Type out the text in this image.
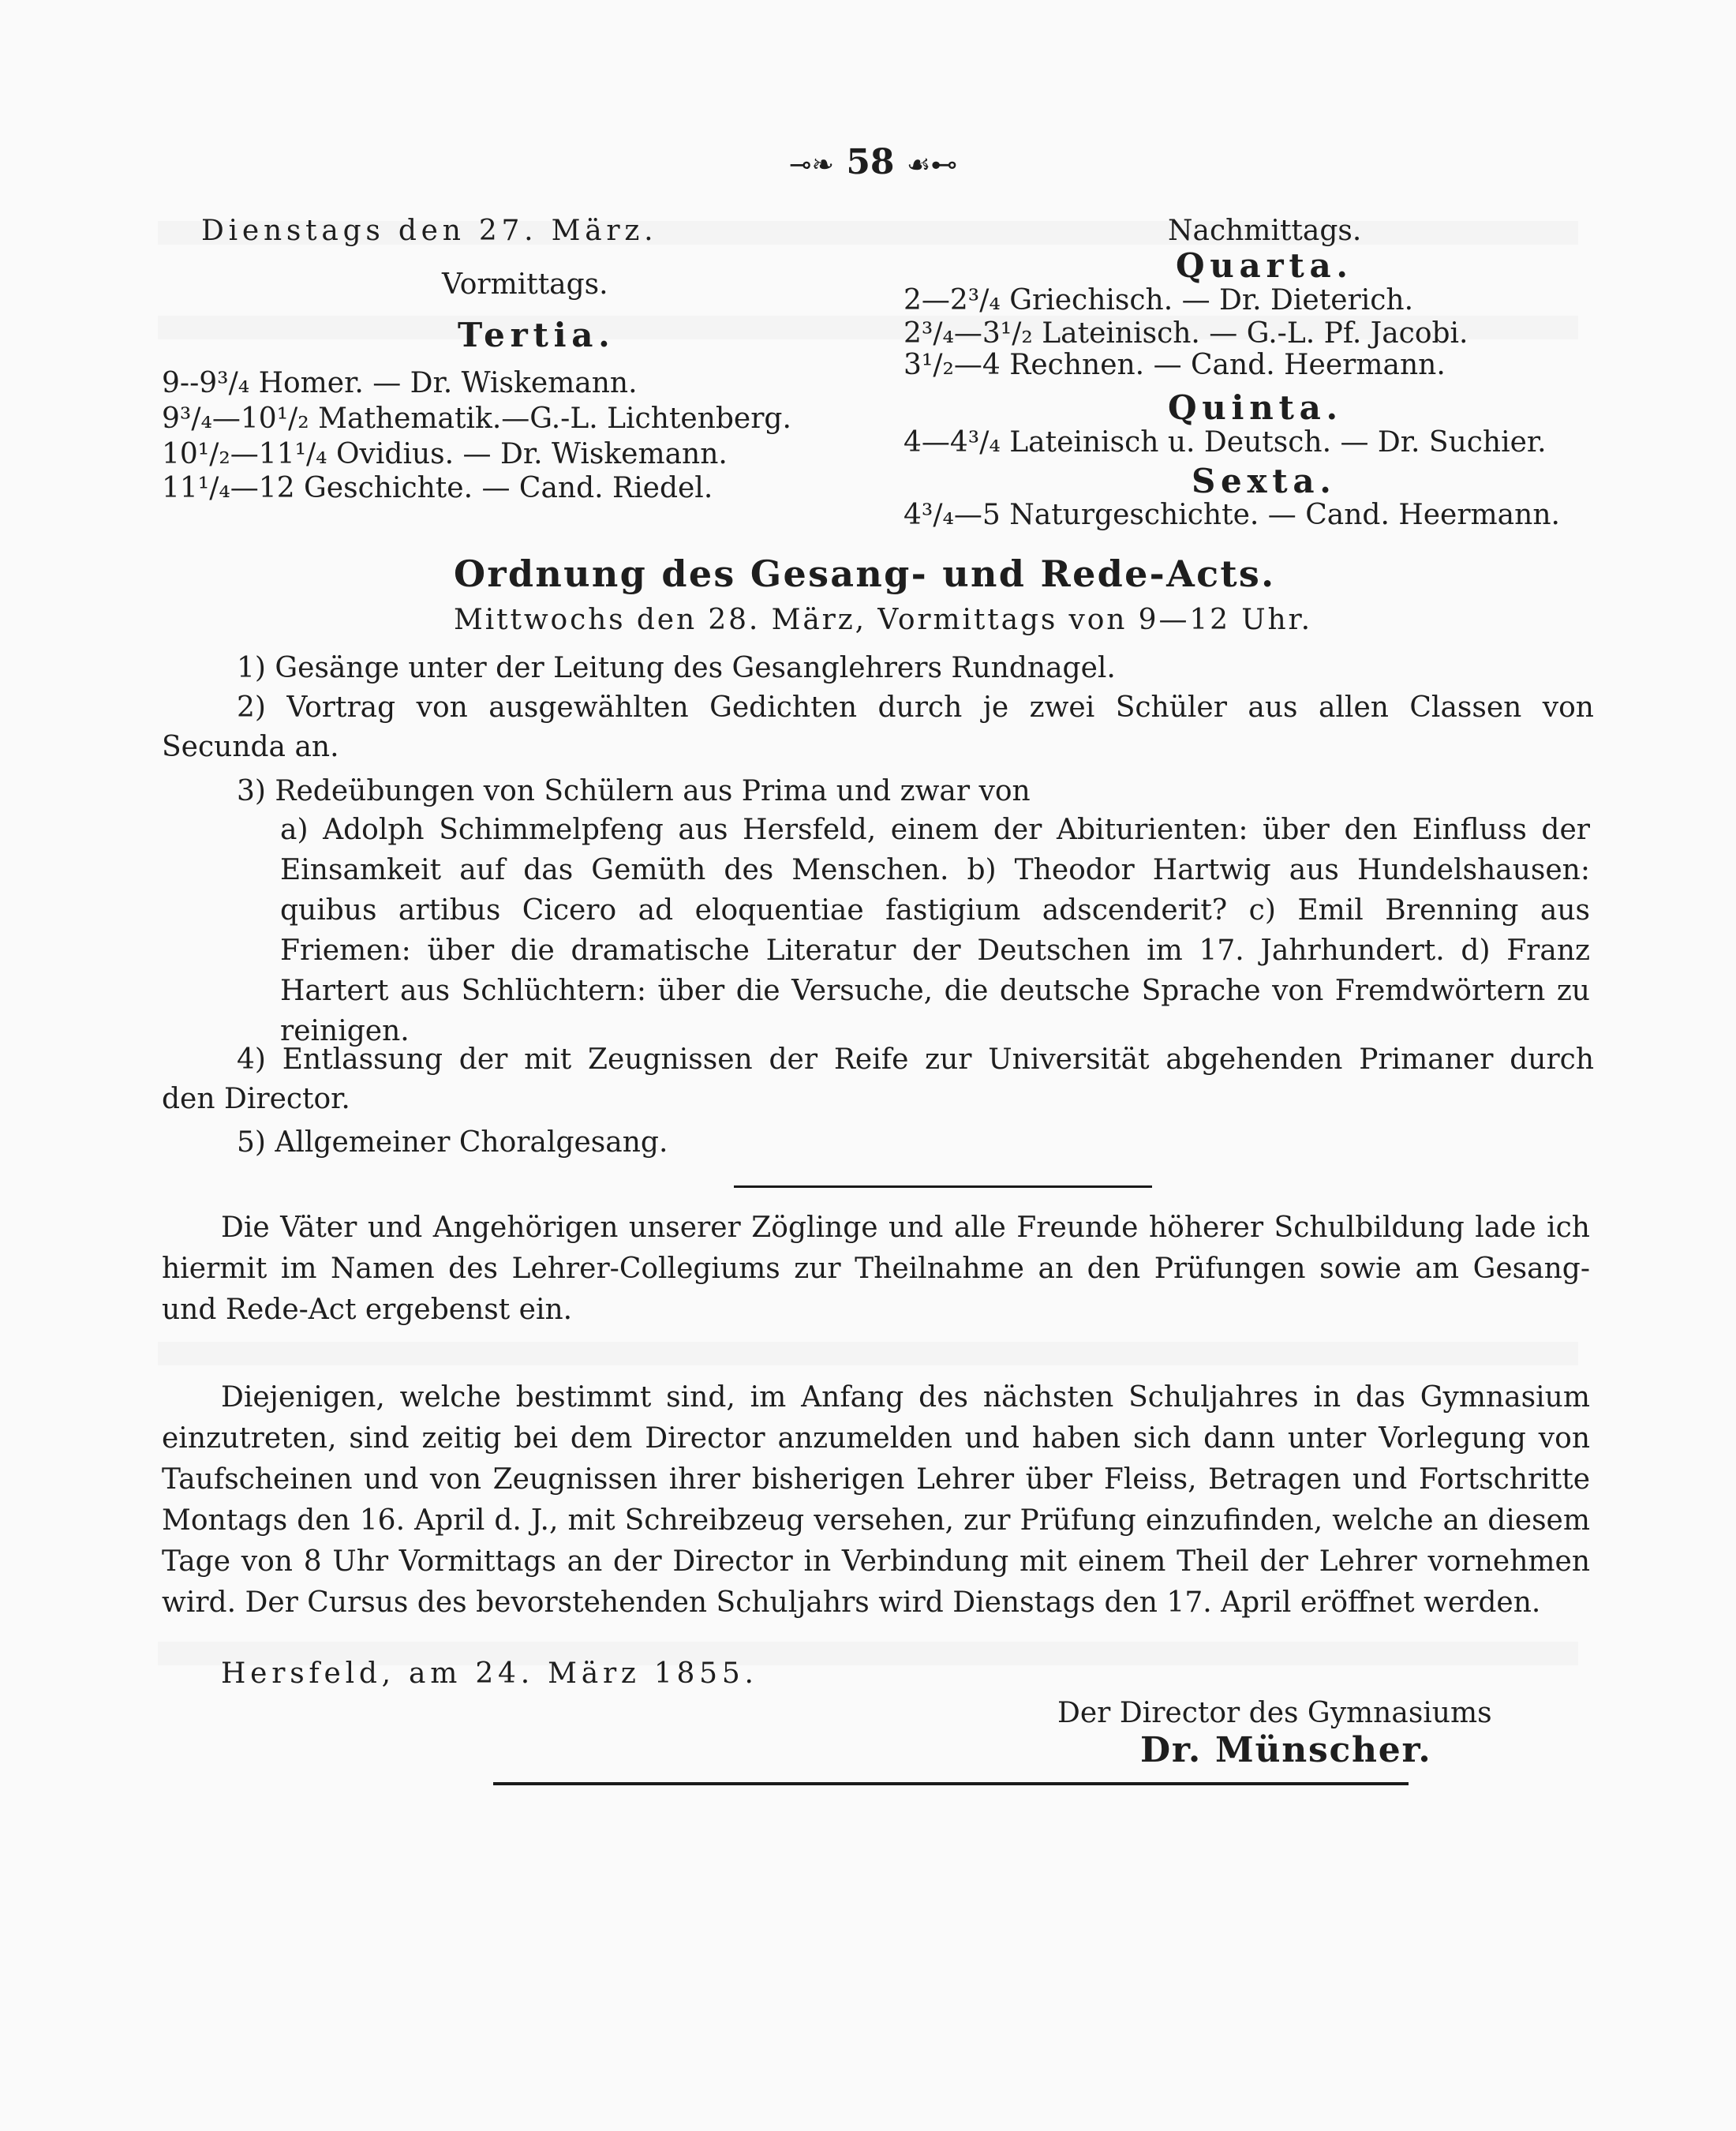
⊸❧ 58 ☙⊷
Dienstags den 27. März.	Nachmittags.
Vormittags.
Tertia.
9--9³/₄ Homer. — Dr. Wiskemann.
9³/₄—10¹/₂ Mathematik.—G.-L. Lichtenberg.
10¹/₂—11¹/₄ Ovidius. — Dr. Wiskemann.
11¹/₄—12 Geschichte. — Cand. Riedel.
Quarta.
2—2³/₄ Griechisch. — Dr. Dieterich.
2³/₄—3¹/₂ Lateinisch. — G.-L. Pf. Jacobi.
3¹/₂—4 Rechnen. — Cand. Heermann.
Quinta.
4—4³/₄ Lateinisch u. Deutsch. — Dr. Suchier.
Sexta.
4³/₄—5 Naturgeschichte. — Cand. Heermann.
Ordnung des Gesang- und Rede-Acts.
Mittwochs den 28. März, Vormittags von 9—12 Uhr.
1) Gesänge unter der Leitung des Gesanglehrers Rundnagel.
2) Vortrag von ausgewählten Gedichten durch je zwei Schüler aus allen Classen von
Secunda an.
3) Redeübungen von Schülern aus Prima und zwar von
a) Adolph Schimmelpfeng aus Hersfeld, einem der Abiturienten: über den Einfluss der Einsamkeit auf das Gemüth des Menschen. b) Theodor Hartwig aus Hundelshausen: quibus artibus Cicero ad eloquentiae fastigium adscenderit? c) Emil Brenning aus Friemen: über die dramatische Literatur der Deutschen im 17. Jahrhundert. d) Franz Hartert aus Schlüchtern: über die Versuche, die deutsche Sprache von Fremdwörtern zu reinigen.
4) Entlassung der mit Zeugnissen der Reife zur Universität abgehenden Primaner durch
den Director.
5) Allgemeiner Choralgesang.

Die Väter und Angehörigen unserer Zöglinge und alle Freunde höherer Schulbildung lade ich hiermit im Namen des Lehrer-Collegiums zur Theilnahme an den Prüfungen sowie am Gesang- und Rede-Act ergebenst ein.

Diejenigen, welche bestimmt sind, im Anfang des nächsten Schuljahres in das Gymnasium einzutreten, sind zeitig bei dem Director anzumelden und haben sich dann unter Vorlegung von Taufscheinen und von Zeugnissen ihrer bisherigen Lehrer über Fleiss, Betragen und Fortschritte Montags den 16. April d. J., mit Schreibzeug versehen, zur Prüfung einzufinden, welche an diesem Tage von 8 Uhr Vormittags an der Director in Verbindung mit einem Theil der Lehrer vornehmen wird. Der Cursus des bevorstehenden Schuljahrs wird Dienstags den 17. April eröffnet werden.

Hersfeld, am 24. März 1855.
Der Director des Gymnasiums
Dr. Münscher.
